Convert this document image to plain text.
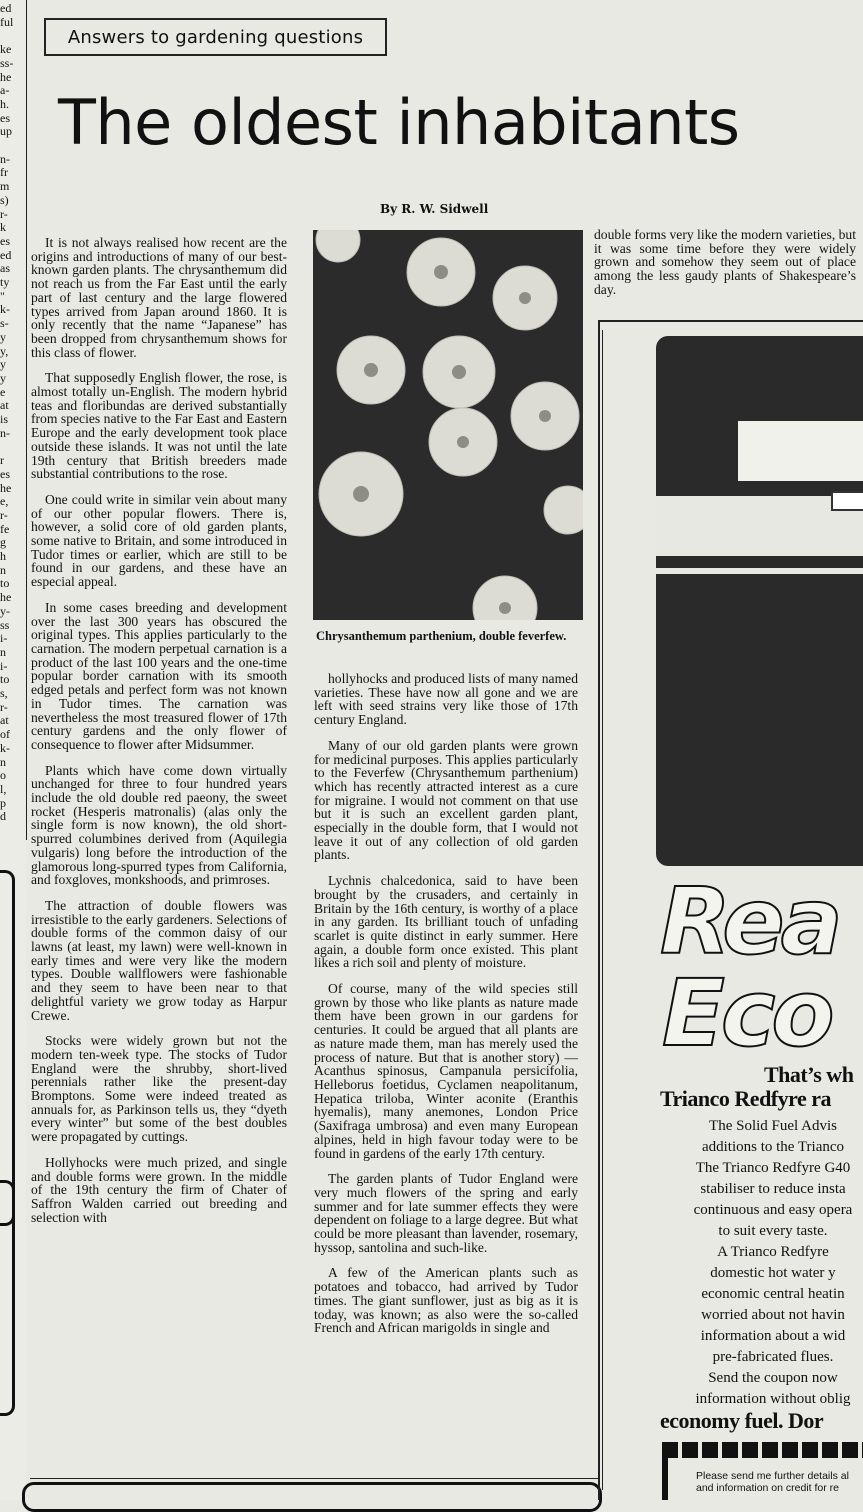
ed
ful
ke
ss-
he
a-
h.
es
up
n-
fr
m
s)
r-
k
es
ed
as
ty
"
k-
s-
y
y,
y
y
e
at
is
n-
r
es
he
e,
r-
fe
g
h
n
to
he
y-
ss
i-
n
i-
to
s,
r-
at
of
k-
n
o
l,
p
d
Answers to gardening questions
The oldest inhabitants
By R. W. Sidwell

It is not always realised how recent are the origins and introductions of many of our best-known garden plants. The chrysanthemum did not reach us from the Far East until the early part of last century and the large flowered types arrived from Japan around 1860. It is only recently that the name “Japanese” has been dropped from chrysanthemum shows for this class of flower.

That supposedly English flower, the rose, is almost totally un-English. The modern hybrid teas and floribundas are derived substantially from species native to the Far East and Eastern Europe and the early development took place outside these islands. It was not until the late 19th century that British breeders made substantial contributions to the rose.

One could write in similar vein about many of our other popular flowers. There is, however, a solid core of old garden plants, some native to Britain, and some introduced in Tudor times or earlier, which are still to be found in our gardens, and these have an especial appeal.

In some cases breeding and development over the last 300 years has obscured the original types. This applies particularly to the carnation. The modern perpetual carnation is a product of the last 100 years and the one-time popular border carnation with its smooth edged petals and perfect form was not known in Tudor times. The carnation was nevertheless the most treasured flower of 17th century gardens and the only flower of consequence to flower after Midsummer.

Plants which have come down virtually unchanged for three to four hundred years include the old double red paeony, the sweet rocket (Hesperis matronalis) (alas only the single form is now known), the old short-spurred columbines derived from (Aquilegia vulgaris) long before the introduction of the glamorous long-spurred types from California, and foxgloves, monkshoods, and primroses.

The attraction of double flowers was irresistible to the early gardeners. Selections of double forms of the common daisy of our lawns (at least, my lawn) were well-known in early times and were very like the modern types. Double wallflowers were fashionable and they seem to have been near to that delightful variety we grow today as Harpur Crewe.

Stocks were widely grown but not the modern ten-week type. The stocks of Tudor England were the shrubby, short-lived perennials rather like the present-day Bromptons. Some were indeed treated as annuals for, as Parkinson tells us, they “dyeth every winter” but some of the best doubles were propagated by cuttings.

Hollyhocks were much prized, and single and double forms were grown. In the middle of the 19th century the firm of Chater of Saffron Walden carried out breeding and selection with

Chrysanthemum parthenium, double feverfew.

hollyhocks and produced lists of many named varieties. These have now all gone and we are left with seed strains very like those of 17th century England.

Many of our old garden plants were grown for medicinal purposes. This applies particularly to the Feverfew (Chrysanthemum parthenium) which has recently attracted interest as a cure for migraine. I would not comment on that use but it is such an excellent garden plant, especially in the double form, that I would not leave it out of any collection of old garden plants.

Lychnis chalcedonica, said to have been brought by the crusaders, and certainly in Britain by the 16th century, is worthy of a place in any garden. Its brilliant touch of unfading scarlet is quite distinct in early summer. Here again, a double form once existed. This plant likes a rich soil and plenty of moisture.

Of course, many of the wild species still grown by those who like plants as nature made them have been grown in our gardens for centuries. It could be argued that all plants are as nature made them, man has merely used the process of nature. But that is another story) — Acanthus spinosus, Campanula persicifolia, Helleborus foetidus, Cyclamen neapolitanum, Hepatica triloba, Winter aconite (Eranthis hyemalis), many anemones, London Price (Saxifraga umbrosa) and even many European alpines, held in high favour today were to be found in gardens of the early 17th century.

The garden plants of Tudor England were very much flowers of the spring and early summer and for late summer effects they were dependent on foliage to a large degree. But what could be more pleasant than lavender, rosemary, hyssop, santolina and such-like.

A few of the American plants such as potatoes and tobacco, had arrived by Tudor times. The giant sunflower, just as big as it is today, was known; as also were the so-called French and African marigolds in single and

double forms very like the modern varieties, but it was some time before they were widely grown and somehow they seem out of place among the less gaudy plants of Shakespeare’s day.

Rea
Eco
That’s wh
Trianco Redfyre ra
The Solid Fuel Advis
additions to the Trianco
The Trianco Redfyre G40
stabiliser to reduce insta
continuous and easy opera
to suit every taste.
A Trianco Redfyre
domestic hot water y
economic central heatin
worried about not havin
information about a wid
pre-fabricated flues.
Send the coupon now
information without oblig
economy fuel. Dor
Please send me further details al
and information on credit for re
